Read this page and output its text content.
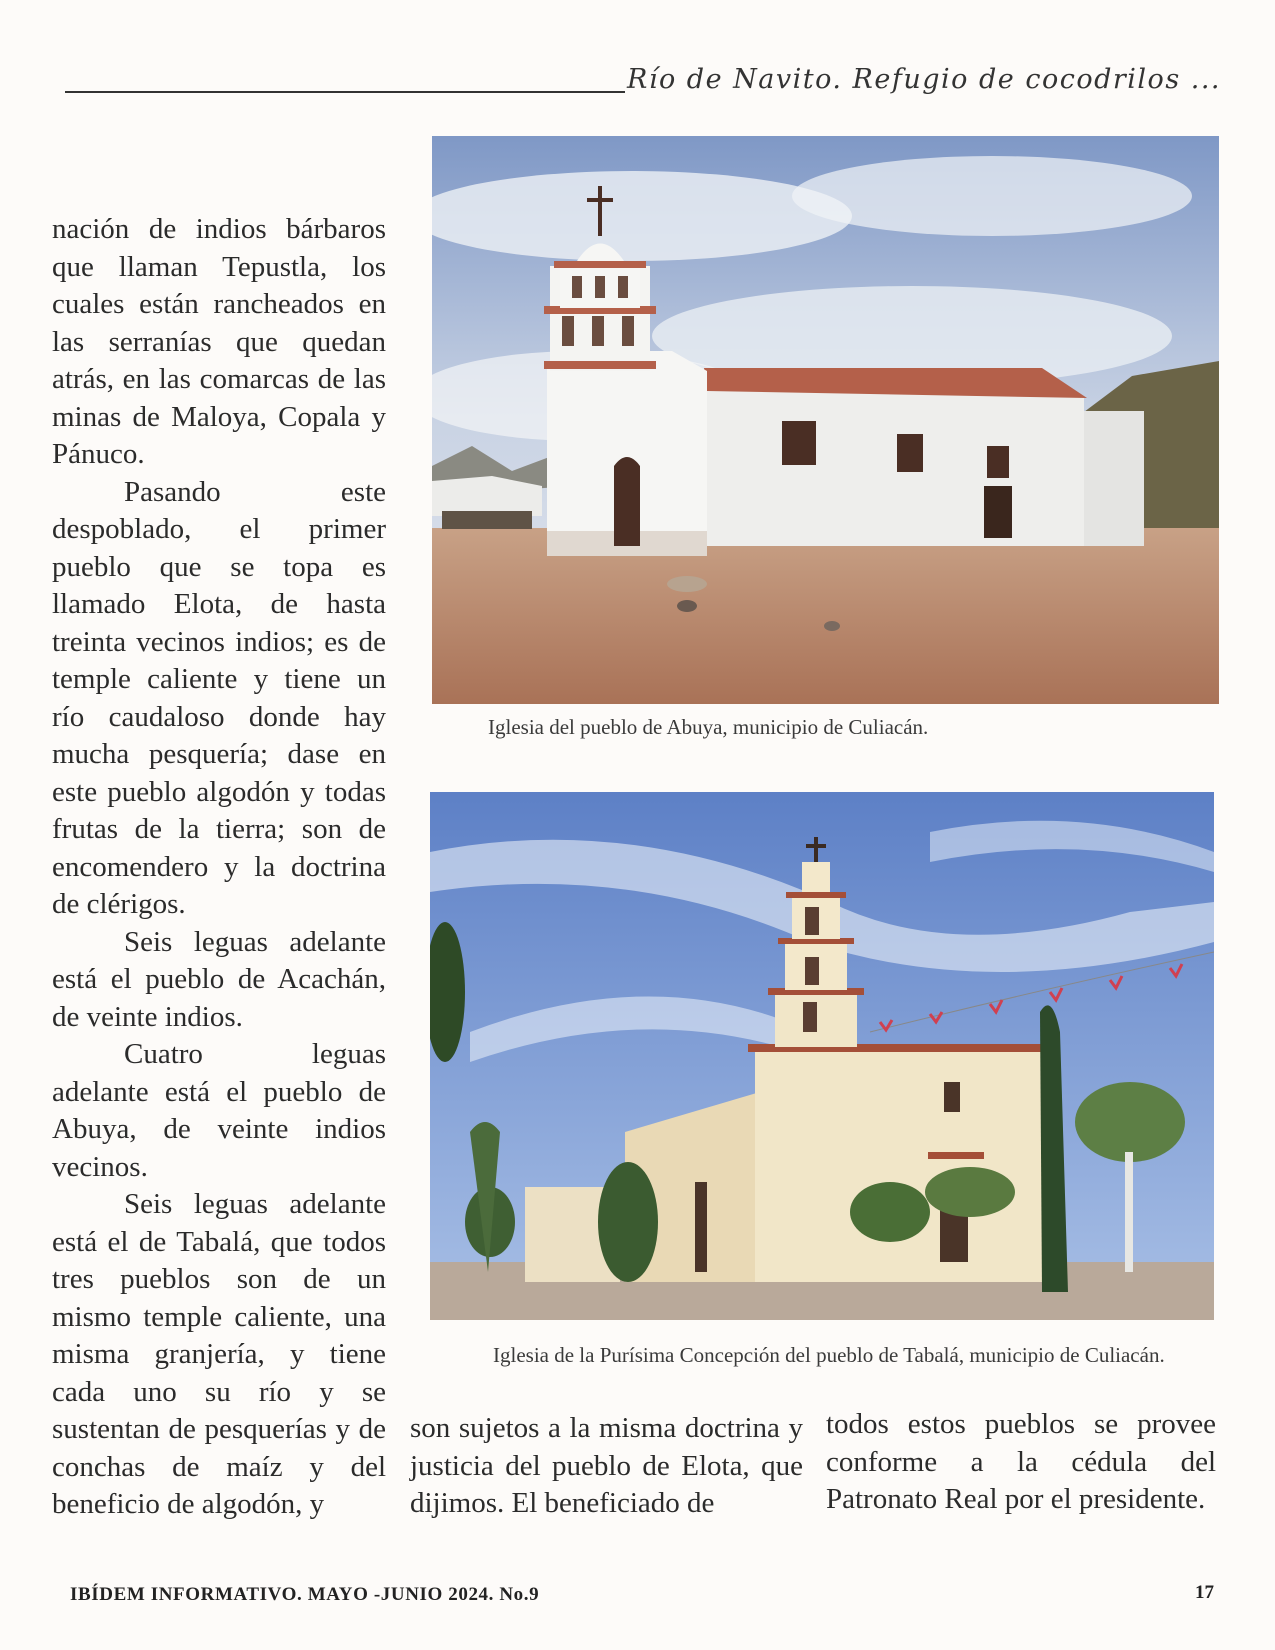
Río de Navito. Refugio de cocodrilos ...

nación de indios bárbaros que llaman Tepustla, los cuales están rancheados en las serranías que quedan atrás, en las comarcas de las minas de Maloya, Copala y Pánuco.

Pasando este despoblado, el primer pueblo que se topa es llamado Elota, de hasta treinta vecinos indios; es de temple caliente y tiene un río caudaloso donde hay mucha pesquería; dase en este pueblo algodón y todas frutas de la tierra; son de encomendero y la doctrina de clérigos.

Seis leguas adelante está el pueblo de Acachán, de veinte indios.

Cuatro leguas adelante está el pueblo de Abuya, de veinte indios vecinos.

Seis leguas adelante está el de Tabalá, que todos tres pueblos son de un mismo temple caliente, una misma granjería, y tiene cada uno su río y se sustentan de pesquerías y de conchas de maíz y del beneficio de algodón, y

Iglesia del pueblo de Abuya, municipio de Culiacán.
Iglesia de la Purísima Concepción del pueblo de Tabalá, municipio de Culiacán.

son sujetos a la misma doctrina y justicia del pueblo de Elota, que dijimos. El beneficiado de

todos estos pueblos se provee conforme a la cédula del Patronato Real por el presidente.

IBÍDEM INFORMATIVO. MAYO -JUNIO 2024. No.9	17
